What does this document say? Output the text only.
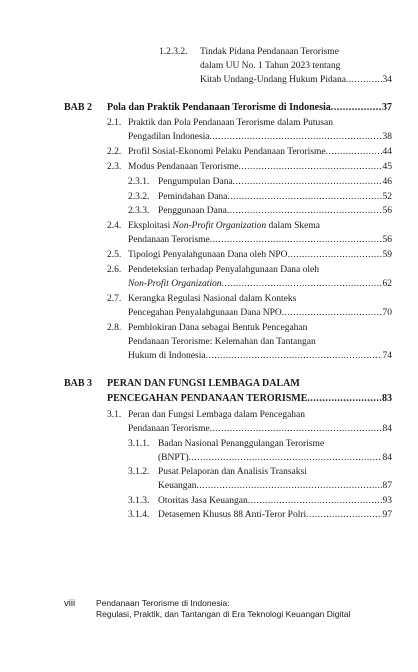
1.2.3.2. Tindak Pidana Pendanaan Terorisme
dalam UU No. 1 Tahun 2023 tentang
Kitab Undang-Undang Hukum Pidana .....	34
BAB 2 Pola dan Praktik Pendanaan Terorisme di Indonesia .....	37
2.1. Praktik dan Pola Pendanaan Terorisme dalam Putusan
Pengadilan Indonesia .....	38
2.2. Profil Sosial-Ekonomi Pelaku Pendanaan Terorisme .....	44
2.3. Modus Pendanaan Terorisme .....	45
2.3.1. Pengumpulan Dana .....	46
2.3.2. Pemindahan Dana .....	52
2.3.3. Penggunaan Dana .....	56
2.4. Eksploitasi Non-Profit Organization dalam Skema
Pendanaan Terorisme .....	56
2.5. Tipologi Penyalahgunaan Dana oleh NPO .....	59
2.6. Pendeteksian terhadap Penyalahgunaan Dana oleh
Non-Profit Organization .....	62
2.7. Kerangka Regulasi Nasional dalam Konteks
Pencegahan Penyalahgunaan Dana NPO .....	70
2.8. Pemblokiran Dana sebagai Bentuk Pencegahan
Pendanaan Terorisme: Kelemahan dan Tantangan
Hukum di Indonesia .....	74
BAB 3 PERAN DAN FUNGSI LEMBAGA DALAM
PENCEGAHAN PENDANAAN TERORISME .....	83
3.1. Peran dan Fungsi Lembaga dalam Pencegahan
Pendanaan Terorisme .....	84
3.1.1. Badan Nasional Penanggulangan Terorisme
(BNPT) .....	84
3.1.2. Pusat Pelaporan dan Analisis Transaksi
Keuangan .....	87
3.1.3. Otoritas Jasa Keuangan .....	93
3.1.4. Detasemen Khusus 88 Anti-Teror Polri .....	97
viii Pendanaan Terorisme di Indonesia:
Regulasi, Praktik, dan Tantangan di Era Teknologi Keuangan Digital
